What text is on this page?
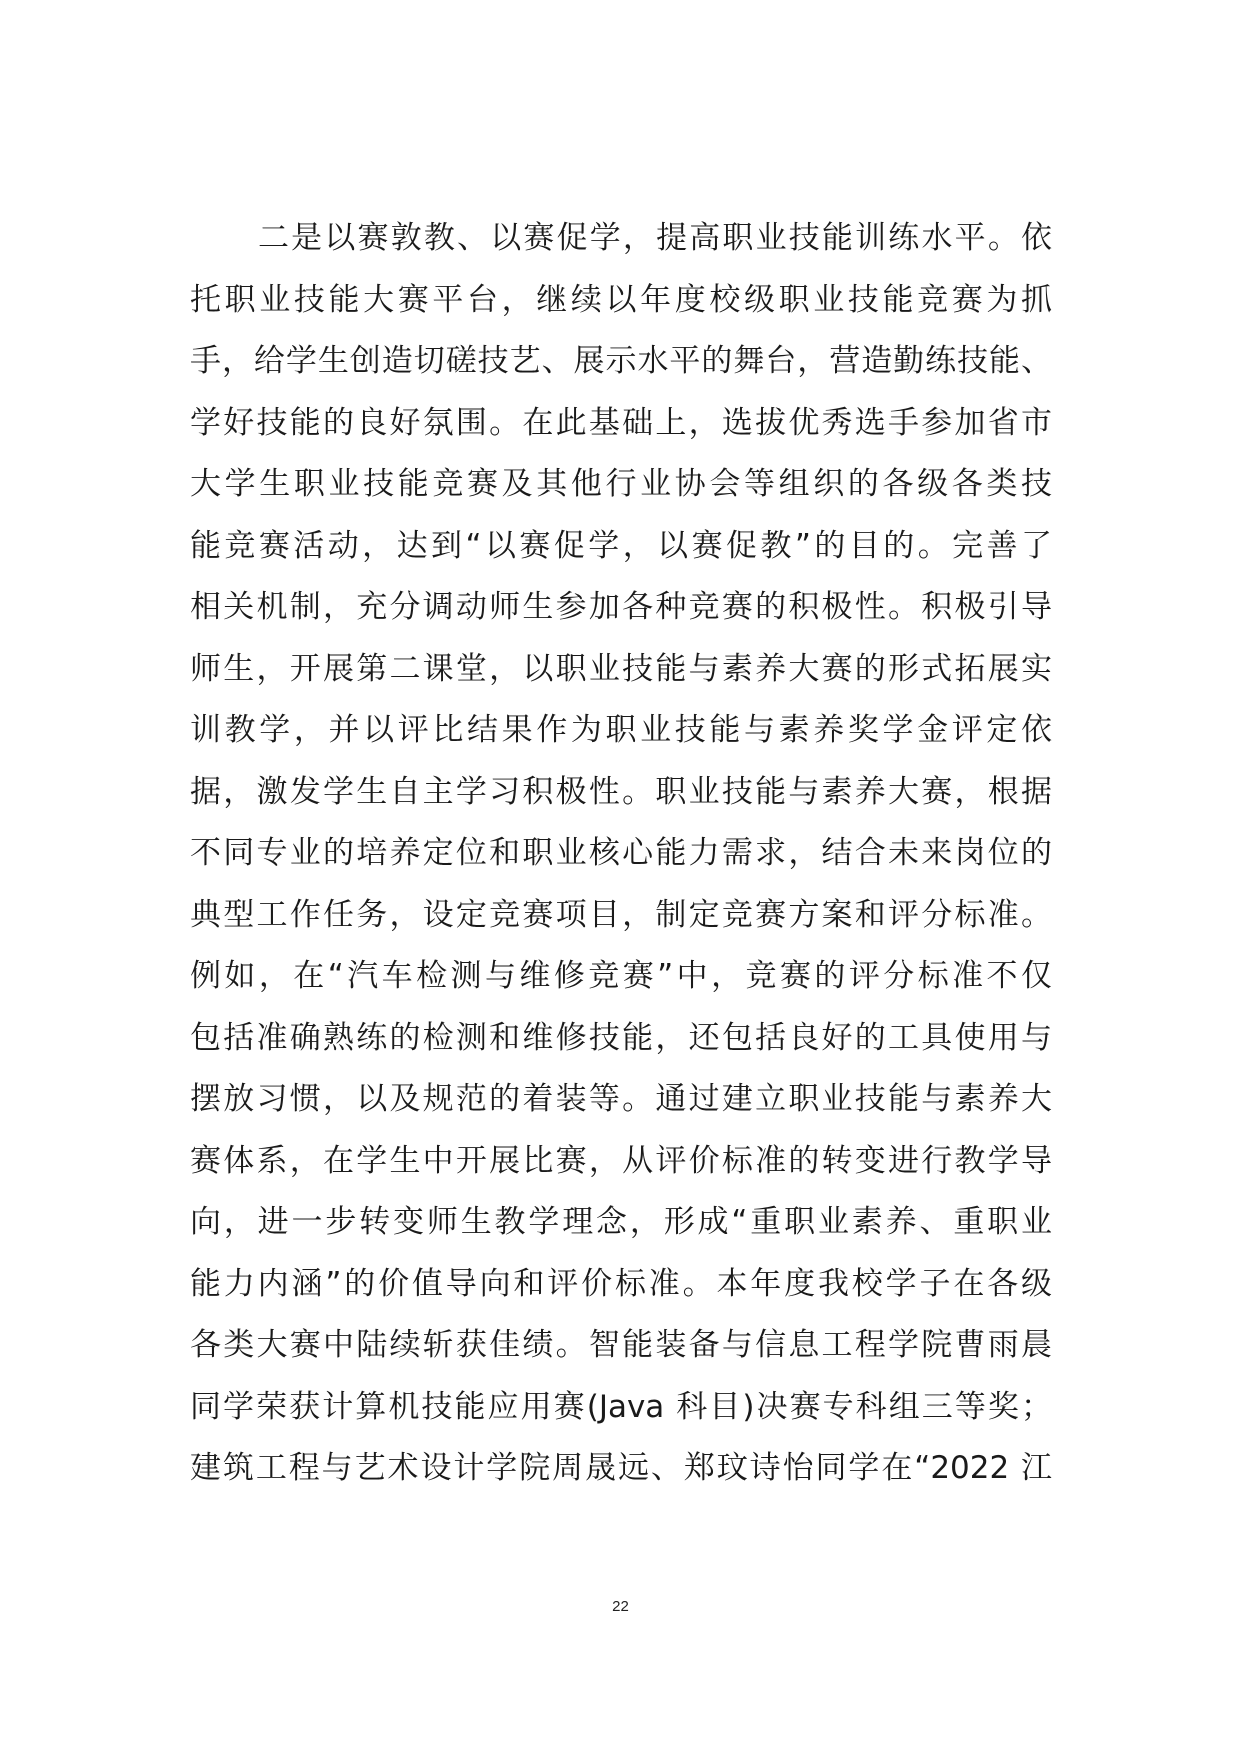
二是以赛敦教、以赛促学，提高职业技能训练水平。依
托职业技能大赛平台，继续以年度校级职业技能竞赛为抓
手，给学生创造切磋技艺、展示水平的舞台，营造勤练技能、
学好技能的良好氛围。在此基础上，选拔优秀选手参加省市
大学生职业技能竞赛及其他行业协会等组织的各级各类技
能竞赛活动，达到“以赛促学，以赛促教”的目的。完善了
相关机制，充分调动师生参加各种竞赛的积极性。积极引导
师生，开展第二课堂，以职业技能与素养大赛的形式拓展实
训教学，并以评比结果作为职业技能与素养奖学金评定依
据，激发学生自主学习积极性。职业技能与素养大赛，根据
不同专业的培养定位和职业核心能力需求，结合未来岗位的
典型工作任务，设定竞赛项目，制定竞赛方案和评分标准。
例如，在“汽车检测与维修竞赛”中，竞赛的评分标准不仅
包括准确熟练的检测和维修技能，还包括良好的工具使用与
摆放习惯，以及规范的着装等。通过建立职业技能与素养大
赛体系，在学生中开展比赛，从评价标准的转变进行教学导
向，进一步转变师生教学理念，形成“重职业素养、重职业
能力内涵”的价值导向和评价标准。本年度我校学子在各级
各类大赛中陆续斩获佳绩。智能装备与信息工程学院曹雨晨
同学荣获计算机技能应用赛(Java 科目)决赛专科组三等奖；
建筑工程与艺术设计学院周晟远、郑玟诗怡同学在“2022 江
22
